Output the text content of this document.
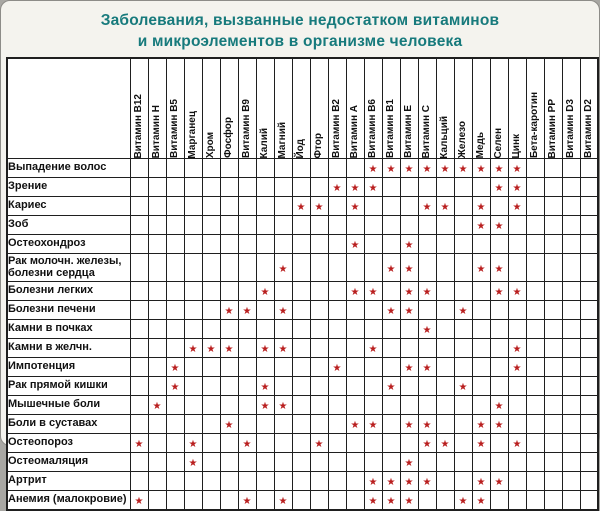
Заболевания, вызванные недостатком витаминов
и микроэлементов в организме человека

	Витамин В12	Витамин Н	Витамин В5	Марганец	Хром	Фосфор	Витамин В9	Калий	Магний	Йод	Фтор	Витамин В2	Витамин А	Витамин В6	Витамин В1	Витамин Е	Витамин С	Кальций	Железо	Медь	Селен	Цинк	Бета-каротин	Витамин РР	Витамин D3	Витамин D2

Выпадение волос														★	★	★	★	★	★	★	★	★				
Зрение												★	★	★							★	★				
Кариес										★	★		★				★	★		★		★				
Зоб																				★	★					
Остеохондроз													★			★										
Рак молочн. железы, болезни сердца									★						★	★				★	★					
Болезни легких								★					★	★		★	★				★	★				
Болезни печени						★	★		★						★	★			★							
Камни в почках																	★									
Камни в желчн.				★	★	★		★	★					★								★				
Импотенция			★									★				★	★					★				
Рак прямой кишки			★					★							★				★							
Мышечные боли		★						★	★												★					
Боли в суставах						★							★	★		★	★			★	★					
Остеопороз	★			★			★				★						★	★		★		★				
Остеомаляция				★												★										
Артрит														★	★	★	★			★	★					
Анемия (малокровие)	★						★		★					★	★	★			★	★						
